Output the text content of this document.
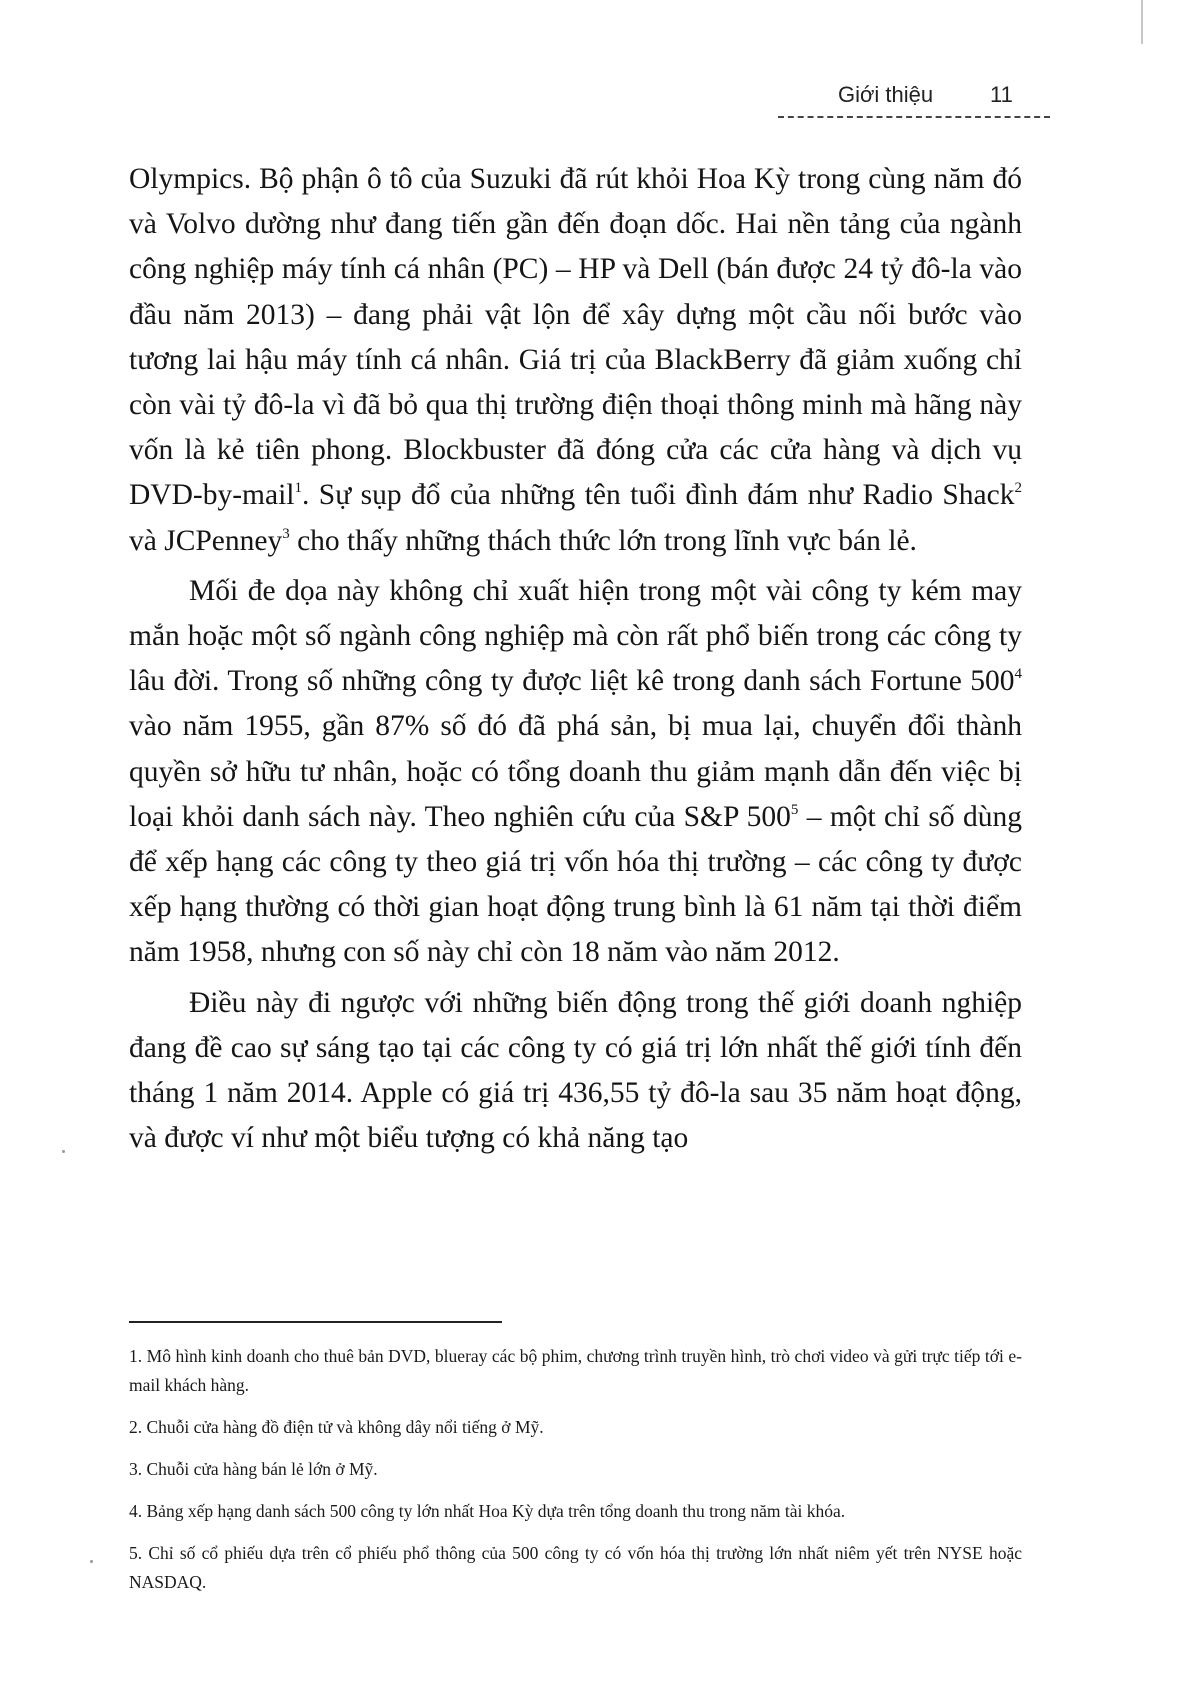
Giới thiệu	11

Olympics. Bộ phận ô tô của Suzuki đã rút khỏi Hoa Kỳ trong cùng năm đó và Volvo dường như đang tiến gần đến đoạn dốc. Hai nền tảng của ngành công nghiệp máy tính cá nhân (PC) – HP và Dell (bán được 24 tỷ đô-la vào đầu năm 2013) – đang phải vật lộn để xây dựng một cầu nối bước vào tương lai hậu máy tính cá nhân. Giá trị của BlackBerry đã giảm xuống chỉ còn vài tỷ đô-la vì đã bỏ qua thị trường điện thoại thông minh mà hãng này vốn là kẻ tiên phong. Blockbuster đã đóng cửa các cửa hàng và dịch vụ DVD-by-mail$^1$. Sự sụp đổ của những tên tuổi đình đám như Radio Shack$^2$ và JCPenney$^3$ cho thấy những thách thức lớn trong lĩnh vực bán lẻ.

Mối đe dọa này không chỉ xuất hiện trong một vài công ty kém may mắn hoặc một số ngành công nghiệp mà còn rất phổ biến trong các công ty lâu đời. Trong số những công ty được liệt kê trong danh sách Fortune $500^4$ vào năm 1955, gần 87% số đó đã phá sản, bị mua lại, chuyển đổi thành quyền sở hữu tư nhân, hoặc có tổng doanh thu giảm mạnh dẫn đến việc bị loại khỏi danh sách này. Theo nghiên cứu của S&P $500^5$ – một chỉ số dùng để xếp hạng các công ty theo giá trị vốn hóa thị trường – các công ty được xếp hạng thường có thời gian hoạt động trung bình là 61 năm tại thời điểm năm 1958, nhưng con số này chỉ còn 18 năm vào năm 2012.

Điều này đi ngược với những biến động trong thế giới doanh nghiệp đang đề cao sự sáng tạo tại các công ty có giá trị lớn nhất thế giới tính đến tháng 1 năm 2014. Apple có giá trị 436,55 tỷ đô-la sau 35 năm hoạt động, và được ví như một biểu tượng có khả năng tạo

1. Mô hình kinh doanh cho thuê bản DVD, blueray các bộ phim, chương trình truyền hình, trò chơi video và gửi trực tiếp tới e-mail khách hàng.

2. Chuỗi cửa hàng đồ điện tử và không dây nổi tiếng ở Mỹ.

3. Chuỗi cửa hàng bán lẻ lớn ở Mỹ.

4. Bảng xếp hạng danh sách 500 công ty lớn nhất Hoa Kỳ dựa trên tổng doanh thu trong năm tài khóa.

5. Chỉ số cổ phiếu dựa trên cổ phiếu phổ thông của 500 công ty có vốn hóa thị trường lớn nhất niêm yết trên NYSE hoặc NASDAQ.
